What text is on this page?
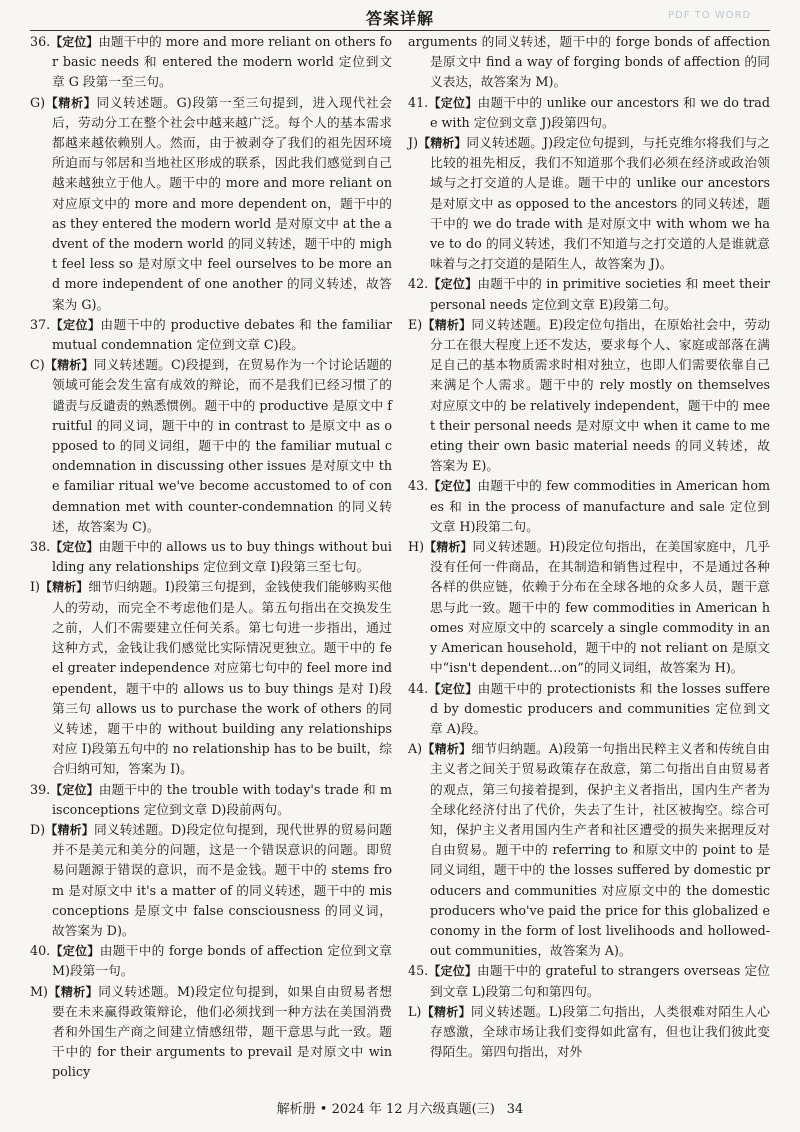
答案详解	PDF TO WORD
36.【定位】由题干中的 more and more reliant on others for basic needs 和 entered the modern world 定位到文章 G 段第一至三句。
G)【精析】同义转述题。G)段第一至三句提到，进入现代社会后，劳动分工在整个社会中越来越广泛。每个人的基本需求都越来越依赖别人。然而，由于被剥夺了我们的祖先因环境所迫而与邻居和当地社区形成的联系，因此我们感觉到自己越来越独立于他人。题干中的 more and more reliant on 对应原文中的 more and more dependent on，题干中的 as they entered the modern world 是对原文中 at the advent of the modern world 的同义转述，题干中的 might feel less so 是对原文中 feel ourselves to be more and more independent of one another 的同义转述，故答案为 G)。
37.【定位】由题干中的 productive debates 和 the familiar mutual condemnation 定位到文章 C)段。
C)【精析】同义转述题。C)段提到，在贸易作为一个讨论话题的领域可能会发生富有成效的辩论，而不是我们已经习惯了的谴责与反谴责的熟悉惯例。题干中的 productive 是原文中 fruitful 的同义词，题干中的 in contrast to 是原文中 as opposed to 的同义词组，题干中的 the familiar mutual condemnation in discussing other issues 是对原文中 the familiar ritual we've become accustomed to of condemnation met with counter-condemnation 的同义转述，故答案为 C)。
38.【定位】由题干中的 allows us to buy things without building any relationships 定位到文章 I)段第三至七句。
I)【精析】细节归纳题。I)段第三句提到，金钱使我们能够购买他人的劳动，而完全不考虑他们是人。第五句指出在交换发生之前，人们不需要建立任何关系。第七句进一步指出，通过这种方式，金钱让我们感觉比实际情况更独立。题干中的 feel greater independence 对应第七句中的 feel more independent，题干中的 allows us to buy things 是对 I)段第三句 allows us to purchase the work of others 的同义转述，题干中的 without building any relationships 对应 I)段第五句中的 no relationship has to be built，综合归纳可知，答案为 I)。
39.【定位】由题干中的 the trouble with today's trade 和 misconceptions 定位到文章 D)段前两句。
D)【精析】同义转述题。D)段定位句提到，现代世界的贸易问题并不是美元和美分的问题，这是一个错误意识的问题。即贸易问题源于错误的意识，而不是金钱。题干中的 stems from 是对原文中 it's a matter of 的同义转述，题干中的 misconceptions 是原文中 false consciousness 的同义词，故答案为 D)。
40.【定位】由题干中的 forge bonds of affection 定位到文章 M)段第一句。
M)【精析】同义转述题。M)段定位句提到，如果自由贸易者想要在未来赢得政策辩论，他们必须找到一种方法在美国消费者和外国生产商之间建立情感纽带，题干意思与此一致。题干中的 for their arguments to prevail 是对原文中 win policy
arguments 的同义转述，题干中的 forge bonds of affection 是原文中 find a way of forging bonds of affection 的同义表达，故答案为 M)。
41.【定位】由题干中的 unlike our ancestors 和 we do trade with 定位到文章 J)段第四句。
J)【精析】同义转述题。J)段定位句提到，与托克维尔将我们与之比较的祖先相反，我们不知道那个我们必须在经济或政治领域与之打交道的人是谁。题干中的 unlike our ancestors 是对原文中 as opposed to the ancestors 的同义转述，题干中的 we do trade with 是对原文中 with whom we have to do 的同义转述，我们不知道与之打交道的人是谁就意味着与之打交道的是陌生人，故答案为 J)。
42.【定位】由题干中的 in primitive societies 和 meet their personal needs 定位到文章 E)段第二句。
E)【精析】同义转述题。E)段定位句指出，在原始社会中，劳动分工在很大程度上还不发达，要求每个人、家庭或部落在满足自己的基本物质需求时相对独立，也即人们需要依靠自己来满足个人需求。题干中的 rely mostly on themselves 对应原文中的 be relatively independent，题干中的 meet their personal needs 是对原文中 when it came to meeting their own basic material needs 的同义转述，故答案为 E)。
43.【定位】由题干中的 few commodities in American homes 和 in the process of manufacture and sale 定位到文章 H)段第二句。
H)【精析】同义转述题。H)段定位句指出，在美国家庭中，几乎没有任何一件商品，在其制造和销售过程中，不是通过各种各样的供应链，依赖于分布在全球各地的众多人员，题干意思与此一致。题干中的 few commodities in American homes 对应原文中的 scarcely a single commodity in any American household，题干中的 not reliant on 是原文中“isn't dependent…on”的同义词组，故答案为 H)。
44.【定位】由题干中的 protectionists 和 the losses suffered by domestic producers and communities 定位到文章 A)段。
A)【精析】细节归纳题。A)段第一句指出民粹主义者和传统自由主义者之间关于贸易政策存在敌意，第二句指出自由贸易者的观点，第三句接着提到，保护主义者指出，国内生产者为全球化经济付出了代价，失去了生计，社区被掏空。综合可知，保护主义者用国内生产者和社区遭受的损失来据理反对自由贸易。题干中的 referring to 和原文中的 point to 是同义词组，题干中的 the losses suffered by domestic producers and communities 对应原文中的 the domestic producers who've paid the price for this globalized economy in the form of lost livelihoods and hollowed-out communities，故答案为 A)。
45.【定位】由题干中的 grateful to strangers overseas 定位到文章 L)段第二句和第四句。
L)【精析】同义转述题。L)段第二句指出，人类很难对陌生人心存感激，全球市场让我们变得如此富有，但也让我们彼此变得陌生。第四句指出，对外
解析册 • 2024 年 12 月六级真题(三) 34
